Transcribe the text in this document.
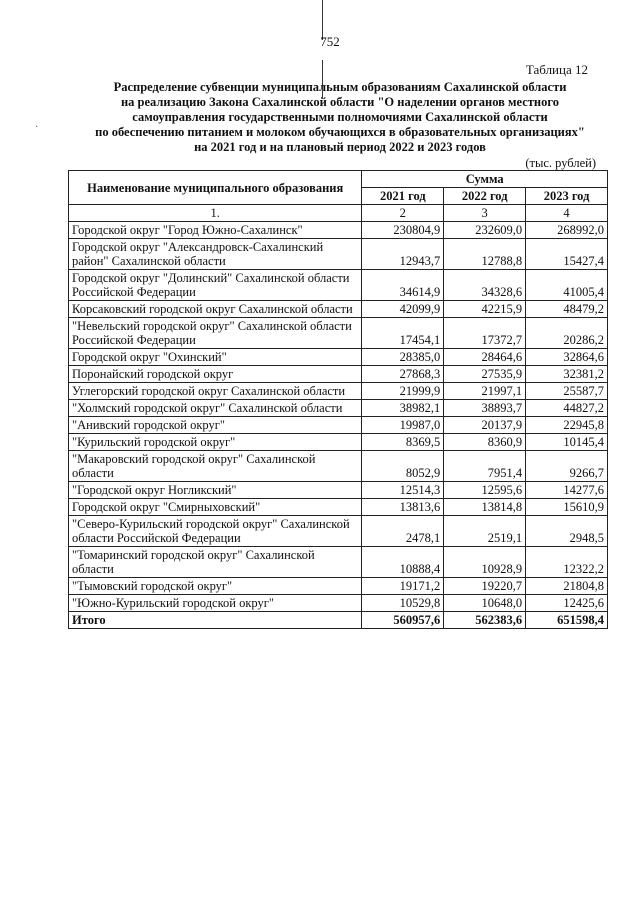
·
752
Таблица 12
Распределение субвенции муниципальным образованиям Сахалинской области
на реализацию Закона Сахалинской области "О наделении органов местного
самоуправления государственными полномочиями Сахалинской области
по обеспечению питанием и молоком обучающихся в образовательных организациях"
на 2021 год и на плановый период 2022 и 2023 годов
(тыс. рублей)
Наименование муниципального образования	Сумма		
	2021 год	2022 год	2023 год
1.	2	3	4
Городской округ "Город Южно-Сахалинск"	230804,9	232609,0	268992,0
Городской округ "Александровск-Сахалинский район" Сахалинской области	12943,7	12788,8	15427,4
Городской округ "Долинский" Сахалинской области Российской Федерации	34614,9	34328,6	41005,4
Корсаковский городской округ Сахалинской области	42099,9	42215,9	48479,2
"Невельский городской округ" Сахалинской области Российской Федерации	17454,1	17372,7	20286,2
Городской округ "Охинский"	28385,0	28464,6	32864,6
Поронайский городской округ	27868,3	27535,9	32381,2
Углегорский городской округ Сахалинской области	21999,9	21997,1	25587,7
"Холмский городской округ" Сахалинской области	38982,1	38893,7	44827,2
"Анивский городской округ"	19987,0	20137,9	22945,8
"Курильский городской округ"	8369,5	8360,9	10145,4
"Макаровский городской округ" Сахалинской области	8052,9	7951,4	9266,7
"Городской округ Ногликский"	12514,3	12595,6	14277,6
Городской округ "Смирныховский"	13813,6	13814,8	15610,9
"Северо-Курильский городской округ" Сахалинской области Российской Федерации	2478,1	2519,1	2948,5
"Томаринский городской округ" Сахалинской области	10888,4	10928,9	12322,2
"Тымовский городской округ"	19171,2	19220,7	21804,8
"Южно-Курильский городской округ"	10529,8	10648,0	12425,6
Итого	560957,6	562383,6	651598,4
